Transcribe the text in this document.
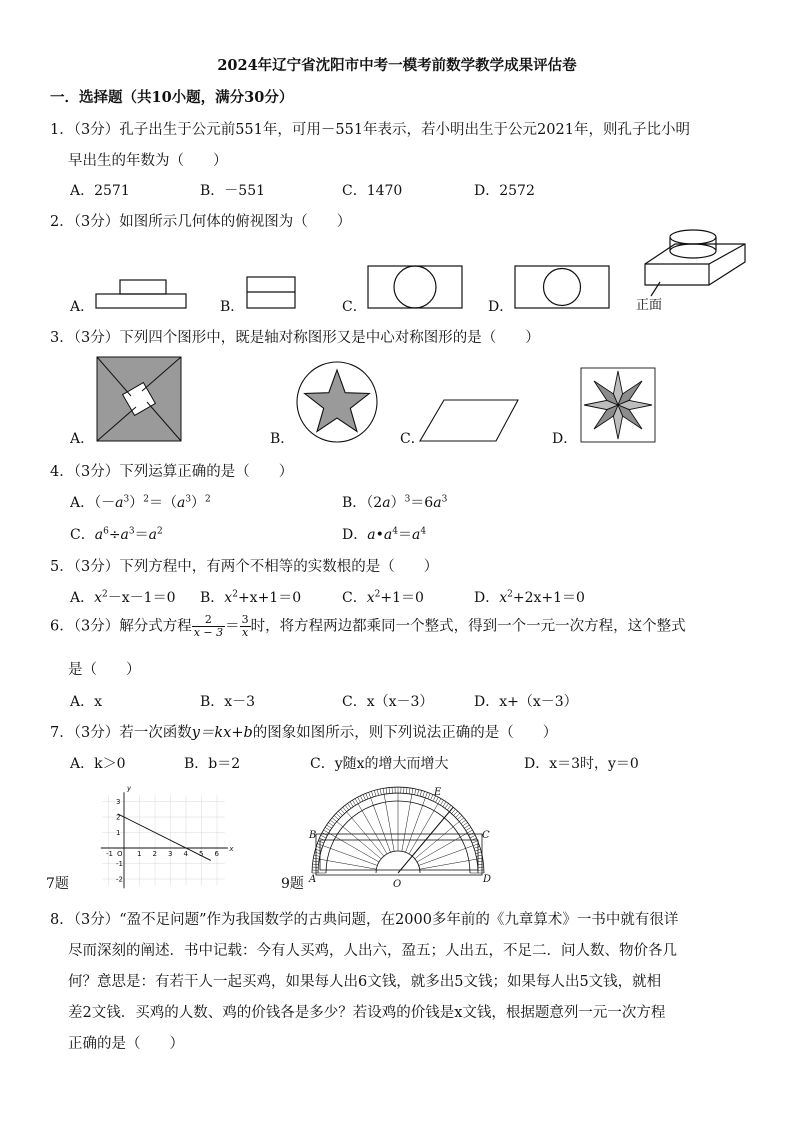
2024年辽宁省沈阳市中考一模考前数学教学成果评估卷
一．选择题（共10小题，满分30分）
1．（3分）孔子出生于公元前551年，可用－551年表示，若小明出生于公元2021年，则孔子比小明
早出生的年数为（　　）
A．2571	B．－551	C．1470	D．2572
2．（3分）如图所示几何体的俯视图为（　　）
A．	B．	C．	D．	正面
3．（3分）下列四个图形中，既是轴对称图形又是中心对称图形的是（　　）
A．	B．	C．	D．
4．（3分）下列运算正确的是（　　）
A．$(-a^3)^2=(a^3)^2$	B．$(2a)^3=6a^3$
C．$a^6\div a^3=a^2$	D．$a•a^4=a^4$
5．（3分）下列方程中，有两个不相等的实数根的是（　　）
A．$x^2-x-1=0$ B．$x^2+x+1=0$	C．$x^2+1=0$	D．$x^2+2x+1=0$
6．（3分）解分式方程 $\frac{2}{x - 3} = \frac{3}{x}$ 时，将方程两边都乘同一个整式，得到一个一元一次方程，这个整式
是（　　）
A．x	B．x－3	C．x（x－3）	D．x+（x－3）
7．（3分）若一次函数y＝kx+b的图象如图所示，则下列说法正确的是（　　）
A．k＞0	B．b＝2	C．y随x的增大而增大	D．x＝3时，y＝0
-1 O 1 2 3 4 5 6
3
2
1
-1
-2
x
y
7题	A
B	C
D
E
O
9题
8．（3分）“盈不足问题”作为我国数学的古典问题，在2000多年前的《九章算术》一书中就有很详
尽而深刻的阐述．书中记载：今有人买鸡，人出六，盈五；人出五，不足二．问人数、物价各几
何？意思是：有若干人一起买鸡，如果每人出6文钱，就多出5文钱；如果每人出5文钱，就相
差2文钱．买鸡的人数、鸡的价钱各是多少？若设鸡的价钱是x文钱，根据题意列一元一次方程
正确的是（　　）
